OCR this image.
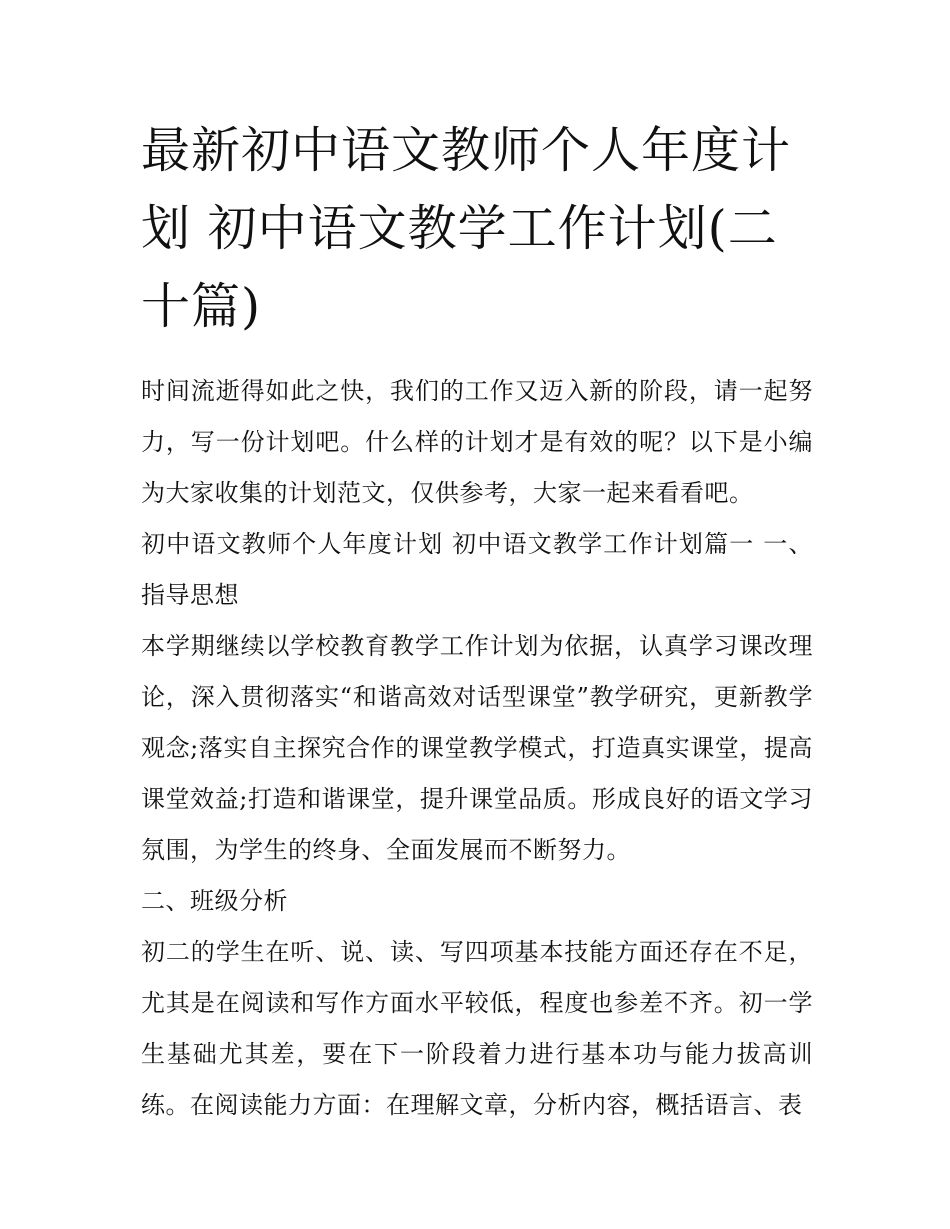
最新初中语文教师个人年度计划 初中语文教学工作计划(二十篇)

时间流逝得如此之快，我们的工作又迈入新的阶段，请一起努力，写一份计划吧。什么样的计划才是有效的呢？以下是小编为大家收集的计划范文，仅供参考，大家一起来看看吧。

初中语文教师个人年度计划 初中语文教学工作计划篇一 一、指导思想

本学期继续以学校教育教学工作计划为依据，认真学习课改理论，深入贯彻落实“和谐高效对话型课堂”教学研究，更新教学观念;落实自主探究合作的课堂教学模式，打造真实课堂，提高课堂效益;打造和谐课堂，提升课堂品质。形成良好的语文学习氛围，为学生的终身、全面发展而不断努力。

二、班级分析

初二的学生在听、说、读、写四项基本技能方面还存在不足，尤其是在阅读和写作方面水平较低，程度也参差不齐。初一学生基础尤其差，要在下一阶段着力进行基本功与能力拔高训练。在阅读能力方面：在理解文章，分析内容，概括语言、表
